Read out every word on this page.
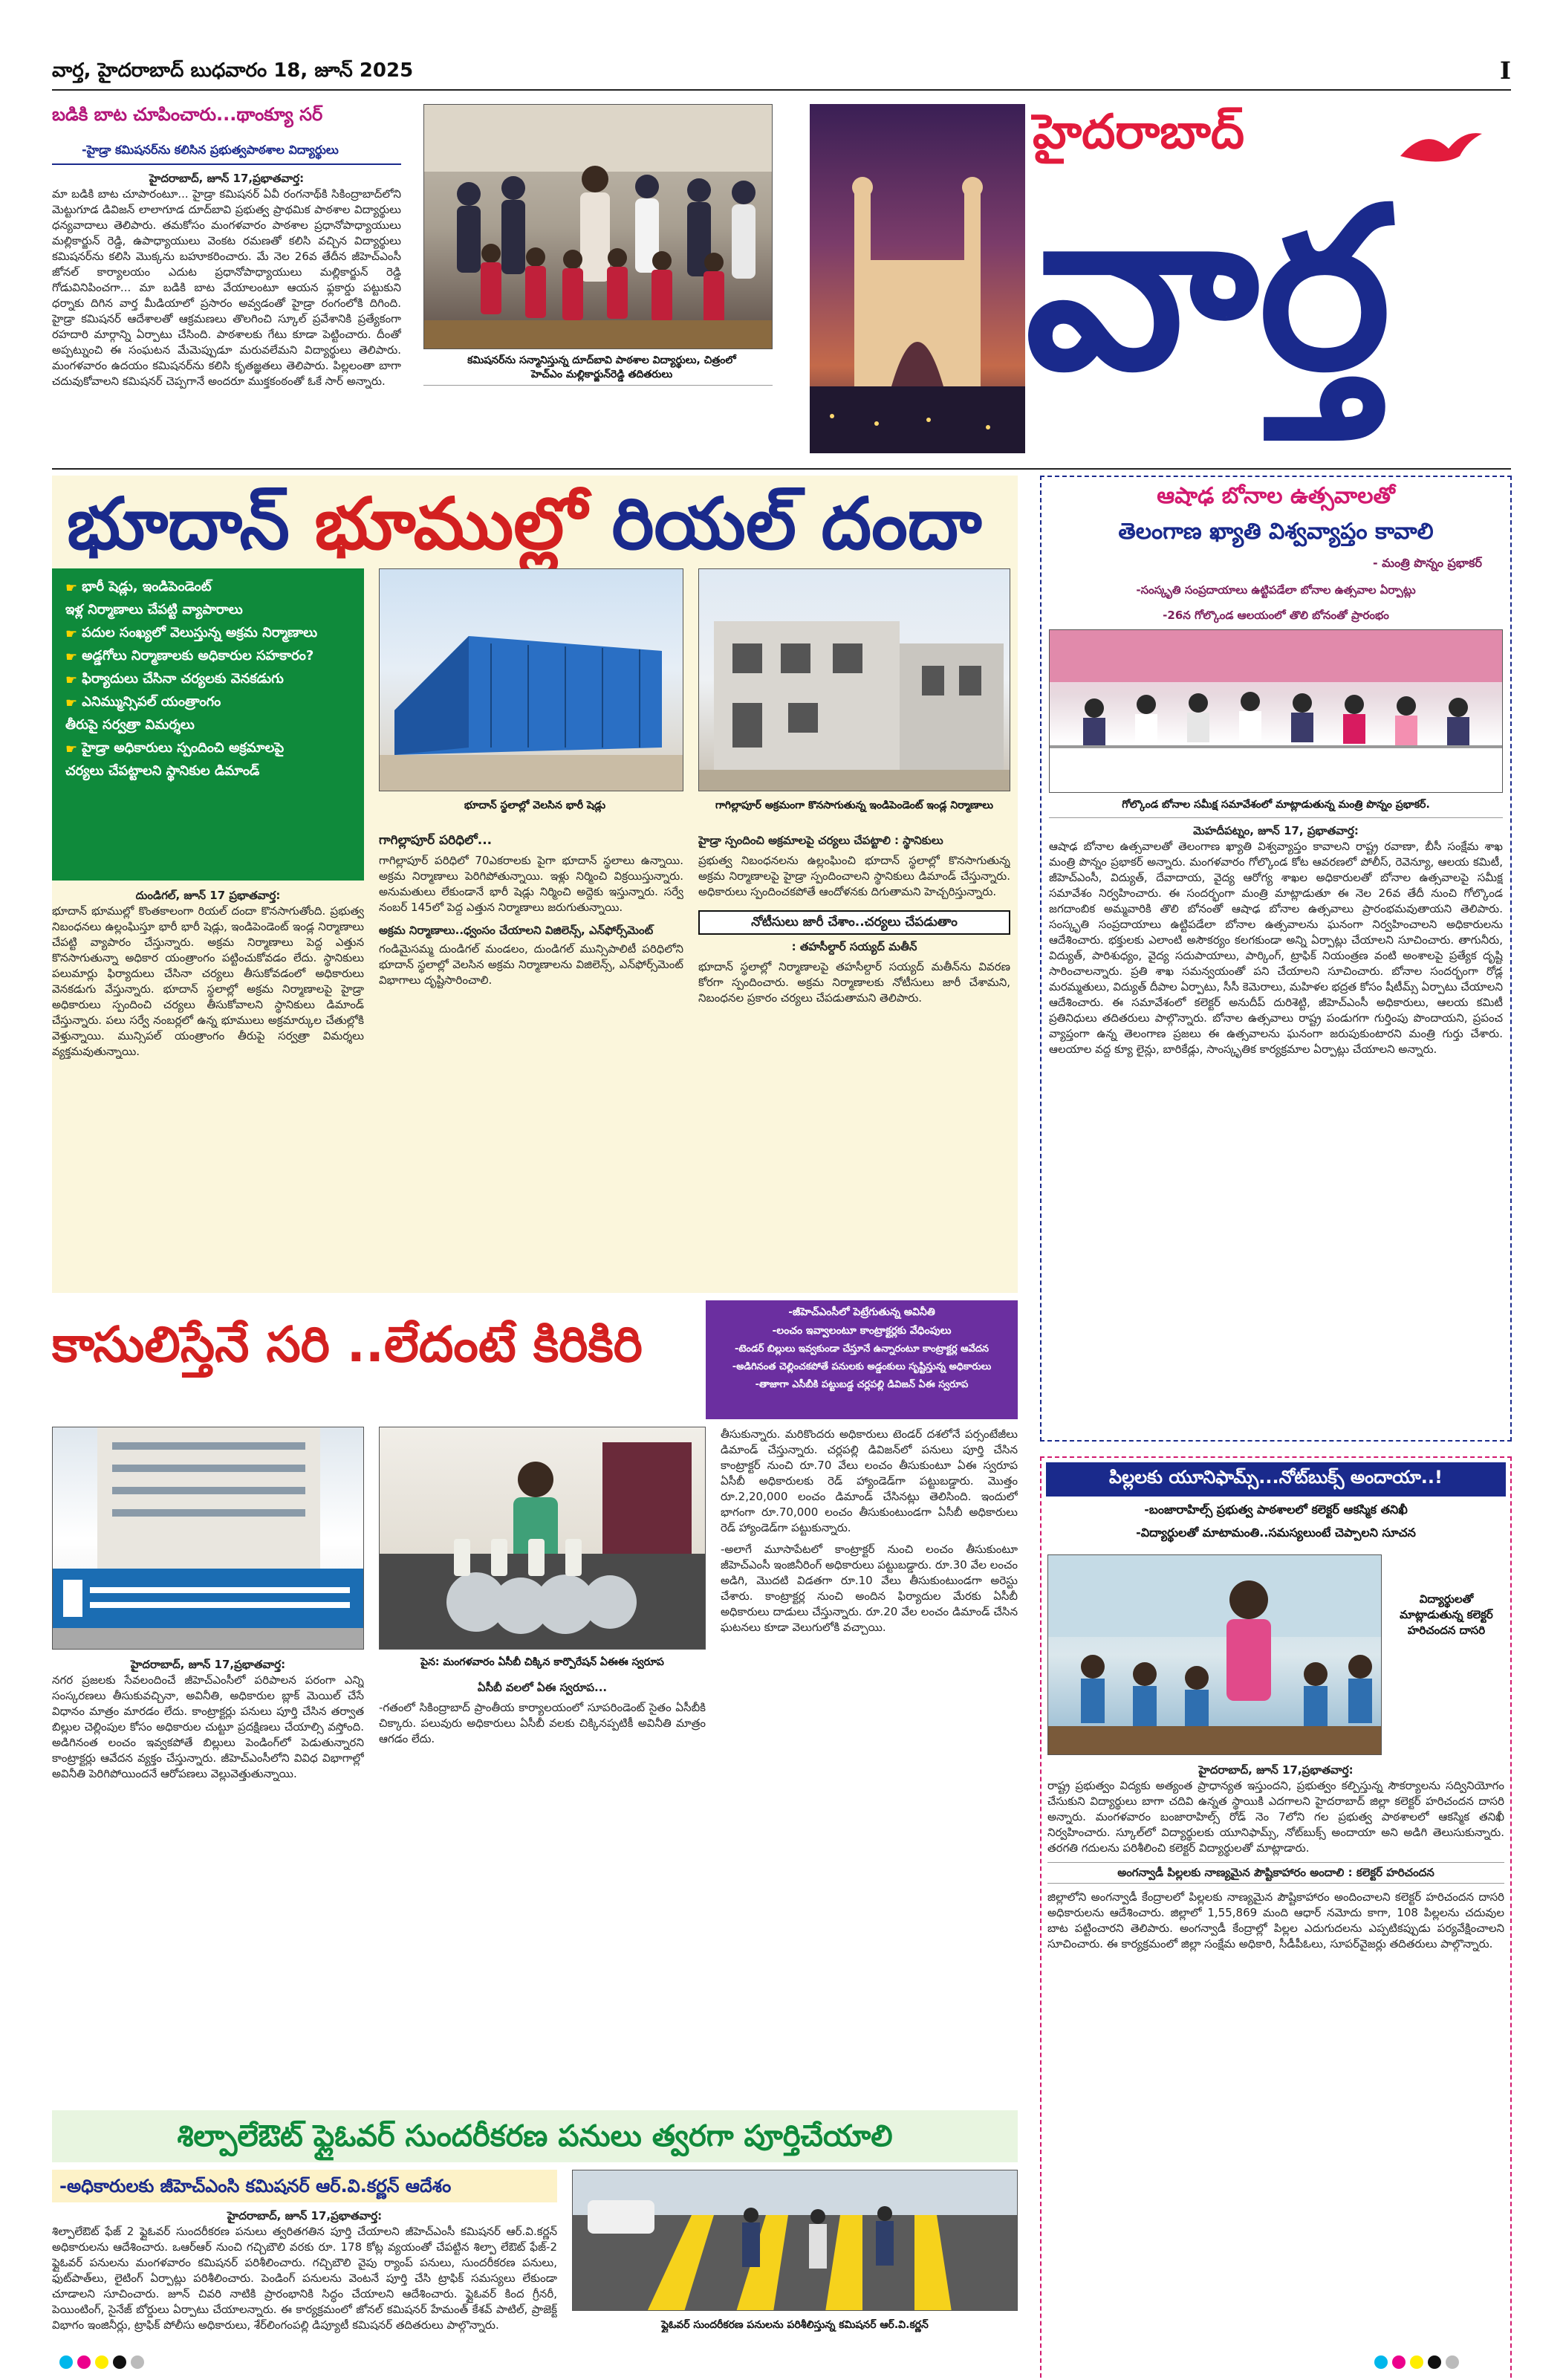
వార్త, హైదరాబాద్ బుధవారం 18, జూన్ 2025	I
బడికి బాట చూపించారు...థాంక్యూ సర్
-హైడ్రా కమిషనర్‌ను కలిసిన ప్రభుత్వపాఠశాల విద్యార్థులు
హైదరాబాద్, జూన్ 17,ప్రభాతవార్త:
మా బడికి బాట చూపారంటూ... హైడ్రా కమిషనర్ ఏవీ రంగనాథ్‌కి సికింద్రాబాద్‌లోని మెట్టుగూడ డివిజన్ లాలాగూడ దూద్‌బావి ప్రభుత్వ ప్రాథమిక పాఠశాల విద్యార్థులు ధన్యవాదాలు తెలిపారు. తమకోసం మంగళవారం పాఠశాల ప్రధానోపాధ్యాయులు మల్లికార్జున్ రెడ్డి, ఉపాధ్యాయులు వెంకట రమణతో కలిసి వచ్చిన విద్యార్థులు కమిషనర్‌ను కలిసి మొక్కను బహూకరించారు. మే నెల 26వ తేదీన జీహెచ్ఎంసీ జోనల్ కార్యాలయం ఎదుట ప్రధానోపాధ్యాయులు మల్లికార్జున్ రెడ్డి గోడువినిపించగా... మా బడికి బాట వేయాలంటూ ఆయన ఫ్లకార్డు పట్టుకుని ధర్నాకు దిగిన వార్త మీడియాలో ప్రసారం అవ్వడంతో హైడ్రా రంగంలోకి దిగింది. హైడ్రా కమిషనర్ ఆదేశాలతో ఆక్రమణలు తొలగించి స్కూల్ ప్రవేశానికి ప్రత్యేకంగా రహదారి మార్గాన్ని ఏర్పాటు చేసింది. పాఠశాలకు గేటు కూడా పెట్టించారు. దీంతో అప్పట్నుంచి ఈ సంఘటన మేమెప్పుడూ మరువలేమని విద్యార్థులు తెలిపారు. మంగళవారం ఉదయం కమిషనర్‌ను కలిసి కృతజ్ఞతలు తెలిపారు. పిల్లలంతా బాగా చదువుకోవాలని కమిషనర్ చెప్పగానే అందరూ ముక్తకంఠంతో ఓకే సార్ అన్నారు.
కమిషనర్‌ను సన్మానిస్తున్న దూద్‌బావి పాఠశాల విద్యార్థులు, చిత్రంలో హెచ్ఎం మల్లికార్జున్‌రెడ్డి తదితరులు
హైదరాబాద్
వార్త
భూదాన్ భూముల్లో రియల్ దందా
☛ భారీ షెడ్లు, ఇండిపెండెంట్
ఇళ్ల నిర్మాణాలు చేపట్టి వ్యాపారాలు
☛ పదుల సంఖ్యలో వెలుస్తున్న అక్రమ నిర్మాణాలు
☛ అడ్డగోలు నిర్మాణాలకు అధికారుల సహకారం?
☛ ఫిర్యాదులు చేసినా చర్యలకు వెనకడుగు
☛ ఎనిమ్మున్సిపల్ యంత్రాంగం
తీరుపై సర్వత్రా విమర్శలు
☛ హైడ్రా అధికారులు స్పందించి అక్రమాలపై
చర్యలు చేపట్టాలని స్థానికుల డిమాండ్
భూదాన్ స్థలాల్లో వెలసిన భారీ షెడ్లు	గాగిల్లాపూర్ అక్రమంగా కొనసాగుతున్న ఇండిపెండెంట్ ఇండ్ల నిర్మాణాలు
దుండిగల్, జూన్ 17 ప్రభాతవార్త:
భూదాన్ భూముల్లో కొంతకాలంగా రియల్ దందా కొనసాగుతోంది. ప్రభుత్వ నిబంధనలు ఉల్లంఘిస్తూ భారీ భారీ షెడ్లు, ఇండిపెండెంట్ ఇండ్ల నిర్మాణాలు చేపట్టి వ్యాపారం చేస్తున్నారు. అక్రమ నిర్మాణాలు పెద్ద ఎత్తున కొనసాగుతున్నా అధికార యంత్రాంగం పట్టించుకోవడం లేదు. స్థానికులు పలుమార్లు ఫిర్యాదులు చేసినా చర్యలు తీసుకోవడంలో అధికారులు వెనకడుగు వేస్తున్నారు. భూదాన్ స్థలాల్లో అక్రమ నిర్మాణాలపై హైడ్రా అధికారులు స్పందించి చర్యలు తీసుకోవాలని స్థానికులు డిమాండ్ చేస్తున్నారు. పలు సర్వే నంబర్లలో ఉన్న భూములు అక్రమార్కుల చేతుల్లోకి వెళ్తున్నాయి. మున్సిపల్ యంత్రాంగం తీరుపై సర్వత్రా విమర్శలు వ్యక్తమవుతున్నాయి.
గాగిల్లాపూర్ పరిధిలో...
గాగిల్లాపూర్ పరిధిలో 70ఎకరాలకు పైగా భూదాన్ స్థలాలు ఉన్నాయి. అక్రమ నిర్మాణాలు పెరిగిపోతున్నాయి. ఇళ్లు నిర్మించి విక్రయిస్తున్నారు. అనుమతులు లేకుండానే భారీ షెడ్లు నిర్మించి అద్దెకు ఇస్తున్నారు. సర్వే నంబర్ 145లో పెద్ద ఎత్తున నిర్మాణాలు జరుగుతున్నాయి.
అక్రమ నిర్మాణాలు..ధ్వంసం చేయాలని విజిలెన్స్, ఎన్‌ఫోర్స్‌మెంట్
గండిమైసమ్మ దుండిగల్ మండలం, దుండిగల్ మున్సిపాలిటీ పరిధిలోని భూదాన్ స్థలాల్లో వెలసిన అక్రమ నిర్మాణాలను విజిలెన్స్, ఎన్‌ఫోర్స్‌మెంట్ విభాగాలు దృష్టిసారించాలి.
హైడ్రా స్పందించి అక్రమాలపై చర్యలు చేపట్టాలి : స్థానికులు
ప్రభుత్వ నిబంధనలను ఉల్లంఘించి భూదాన్ స్థలాల్లో కొనసాగుతున్న అక్రమ నిర్మాణాలపై హైడ్రా స్పందించాలని స్థానికులు డిమాండ్ చేస్తున్నారు. అధికారులు స్పందించకపోతే ఆందోళనకు దిగుతామని హెచ్చరిస్తున్నారు.
నోటీసులు జారీ చేశాం..చర్యలు చేపడుతాం
: తహసీల్దార్ సయ్యద్ మతీన్
భూదాన్ స్థలాల్లో నిర్మాణాలపై తహసీల్దార్ సయ్యద్ మతీన్‌ను వివరణ కోరగా స్పందించారు. అక్రమ నిర్మాణాలకు నోటీసులు జారీ చేశామని, నిబంధనల ప్రకారం చర్యలు చేపడుతామని తెలిపారు.
ఆషాఢ బోనాల ఉత్సవాలతో
తెలంగాణ ఖ్యాతి విశ్వవ్యాప్తం కావాలి
- మంత్రి పొన్నం ప్రభాకర్
-సంస్కృతి సంప్రదాయాలు ఉట్టిపడేలా బోనాల ఉత్సవాల ఏర్పాట్లు
-26న గోల్కొండ ఆలయంలో తొలి బోనంతో ప్రారంభం
గోల్కొండ బోనాల సమీక్ష సమావేశంలో మాట్లాడుతున్న మంత్రి పొన్నం ప్రభాకర్.
మెహదీపట్నం, జూన్ 17, ప్రభాతవార్త:
ఆషాఢ బోనాల ఉత్సవాలతో తెలంగాణ ఖ్యాతి విశ్వవ్యాప్తం కావాలని రాష్ట్ర రవాణా, బీసీ సంక్షేమ శాఖ మంత్రి పొన్నం ప్రభాకర్ అన్నారు. మంగళవారం గోల్కొండ కోట ఆవరణలో పోలీస్, రెవెన్యూ, ఆలయ కమిటీ, జీహెచ్ఎంసీ, విద్యుత్, దేవాదాయ, వైద్య ఆరోగ్య శాఖల అధికారులతో బోనాల ఉత్సవాలపై సమీక్ష సమావేశం నిర్వహించారు. ఈ సందర్భంగా మంత్రి మాట్లాడుతూ ఈ నెల 26వ తేదీ నుంచి గోల్కొండ జగదాంబిక అమ్మవారికి తొలి బోనంతో ఆషాఢ బోనాల ఉత్సవాలు ప్రారంభమవుతాయని తెలిపారు. సంస్కృతి సంప్రదాయాలు ఉట్టిపడేలా బోనాల ఉత్సవాలను ఘనంగా నిర్వహించాలని అధికారులను ఆదేశించారు. భక్తులకు ఎలాంటి అసౌకర్యం కలగకుండా అన్ని ఏర్పాట్లు చేయాలని సూచించారు. తాగునీరు, విద్యుత్, పారిశుధ్యం, వైద్య సదుపాయాలు, పార్కింగ్, ట్రాఫిక్ నియంత్రణ వంటి అంశాలపై ప్రత్యేక దృష్టి సారించాలన్నారు. ప్రతి శాఖ సమన్వయంతో పని చేయాలని సూచించారు. బోనాల సందర్భంగా రోడ్ల మరమ్మతులు, విద్యుత్ దీపాల ఏర్పాటు, సీసీ కెమెరాలు, మహిళల భద్రత కోసం షీటీమ్స్ ఏర్పాటు చేయాలని ఆదేశించారు. ఈ సమావేశంలో కలెక్టర్ అనుదీప్ దురిశెట్టి, జీహెచ్ఎంసీ అధికారులు, ఆలయ కమిటీ ప్రతినిధులు తదితరులు పాల్గొన్నారు. బోనాల ఉత్సవాలు రాష్ట్ర పండుగగా గుర్తింపు పొందాయని, ప్రపంచ వ్యాప్తంగా ఉన్న తెలంగాణ ప్రజలు ఈ ఉత్సవాలను ఘనంగా జరుపుకుంటారని మంత్రి గుర్తు చేశారు. ఆలయాల వద్ద క్యూ లైన్లు, బారికేడ్లు, సాంస్కృతిక కార్యక్రమాల ఏర్పాట్లు చేయాలని అన్నారు.
కాసులిస్తేనే సరి ..లేదంటే కిరికిరి
-జీహెచ్ఎంసీలో పెట్రేగుతున్న అవినీతి
-లంచం ఇవ్వాలంటూ కాంట్రాక్టర్లకు వేధింపులు
-టెండర్ బిల్లులు ఇవ్వకుండా చేస్తూనే ఉన్నారంటూ కాంట్రాక్టర్ల ఆవేదన
-అడిగినంత చెల్లించకపోతే పనులకు అడ్డంకులు సృష్టిస్తున్న అధికారులు
-తాజాగా ఎసీబీకి పట్టుబడ్డ చర్లపల్లి డివిజన్ ఏఈ స్వరూప
పైన: మంగళవారం ఏసీబీ చిక్కిన కార్పొరేషన్ ఏఈఈ స్వరూప
హైదరాబాద్, జూన్ 17,ప్రభాతవార్త:
నగర ప్రజలకు సేవలందించే జీహెచ్ఎంసీలో పరిపాలన పరంగా ఎన్ని సంస్కరణలు తీసుకువచ్చినా, అవినీతి, అధికారుల బ్లాక్ మెయిల్ చేసే విధానం మాత్రం మారడం లేదు. కాంట్రాక్టర్లు పనులు పూర్తి చేసిన తర్వాత బిల్లుల చెల్లింపుల కోసం అధికారుల చుట్టూ ప్రదక్షిణలు చేయాల్సి వస్తోంది. అడిగినంత లంచం ఇవ్వకపోతే బిల్లులు పెండింగ్‌లో పెడుతున్నారని కాంట్రాక్టర్లు ఆవేదన వ్యక్తం చేస్తున్నారు. జీహెచ్ఎంసీలోని వివిధ విభాగాల్లో అవినీతి పెరిగిపోయిందనే ఆరోపణలు వెల్లువెత్తుతున్నాయి.
ఏసీబీ వలలో ఏఈ స్వరూప...
-గతంలో సికింద్రాబాద్ ప్రాంతీయ కార్యాలయంలో సూపరిండెంట్ సైతం ఏసీబీకి చిక్కారు. పలువురు అధికారులు ఏసీబీ వలకు చిక్కినప్పటికీ అవినీతి మాత్రం ఆగడం లేదు.
తీసుకున్నారు. మరికొందరు అధికారులు టెండర్ దశలోనే పర్సంటేజీలు డిమాండ్ చేస్తున్నారు. చర్లపల్లి డివిజన్‌లో పనులు పూర్తి చేసిన కాంట్రాక్టర్ నుంచి రూ.70 వేలు లంచం తీసుకుంటూ ఏఈ స్వరూప ఏసీబీ అధికారులకు రెడ్ హ్యాండెడ్‌గా పట్టుబడ్డారు. మొత్తం రూ.2,20,000 లంచం డిమాండ్ చేసినట్లు తెలిసింది. ఇందులో భాగంగా రూ.70,000 లంచం తీసుకుంటుండగా ఏసీబీ అధికారులు రెడ్ హ్యాండెడ్‌గా పట్టుకున్నారు.
-అలాగే మూసాపేటలో కాంట్రాక్టర్ నుంచి లంచం తీసుకుంటూ జీహెచ్ఎంసీ ఇంజినీరింగ్ అధికారులు పట్టుబడ్డారు. రూ.30 వేల లంచం అడిగి, మొదటి విడతగా రూ.10 వేలు తీసుకుంటుండగా అరెస్టు చేశారు. కాంట్రాక్టర్ల నుంచి అందిన ఫిర్యాదుల మేరకు ఏసీబీ అధికారులు దాడులు చేస్తున్నారు. రూ.20 వేల లంచం డిమాండ్ చేసిన ఘటనలు కూడా వెలుగులోకి వచ్చాయి.
పిల్లలకు యూనిఫామ్స్...నోట్‌బుక్స్ అందాయా..!
-బంజారాహిల్స్ ప్రభుత్వ పాఠశాలలో కలెక్టర్ ఆకస్మిక తనిఖీ
-విద్యార్థులతో మాటామంతి..సమస్యలుంటే చెప్పాలని సూచన
విద్యార్థులతో మాట్లాడుతున్న కలెక్టర్ హరిచందన దాసరి
హైదరాబాద్, జూన్ 17,ప్రభాతవార్త:
రాష్ట్ర ప్రభుత్వం విద్యకు అత్యంత ప్రాధాన్యత ఇస్తుందని, ప్రభుత్వం కల్పిస్తున్న సౌకర్యాలను సద్వినియోగం చేసుకుని విద్యార్థులు బాగా చదివి ఉన్నత స్థాయికి ఎదగాలని హైదరాబాద్ జిల్లా కలెక్టర్ హరిచందన దాసరి అన్నారు. మంగళవారం బంజారాహిల్స్ రోడ్ నెం 7లోని గల ప్రభుత్వ పాఠశాలలో ఆకస్మిక తనిఖీ నిర్వహించారు. స్కూల్‌లో విద్యార్థులకు యూనిఫామ్స్, నోట్‌బుక్స్ అందాయా అని అడిగి తెలుసుకున్నారు. తరగతి గదులను పరిశీలించి కలెక్టర్ విద్యార్థులతో మాట్లాడారు.
అంగన్వాడీ పిల్లలకు నాణ్యమైన పౌష్టికాహారం అందాలి : కలెక్టర్ హరిచందన
జిల్లాలోని అంగన్వాడీ కేంద్రాలలో పిల్లలకు నాణ్యమైన పౌష్టికాహారం అందించాలని కలెక్టర్ హరిచందన దాసరి అధికారులను ఆదేశించారు. జిల్లాలో 1,55,869 మంది ఆధార్ నమోదు కాగా, 108 పిల్లలను చదువుల బాట పట్టించారని తెలిపారు. అంగన్వాడీ కేంద్రాల్లో పిల్లల ఎదుగుదలను ఎప్పటికప్పుడు పర్యవేక్షించాలని సూచించారు. ఈ కార్యక్రమంలో జిల్లా సంక్షేమ అధికారి, సీడీపీఓలు, సూపర్‌వైజర్లు తదితరులు పాల్గొన్నారు.
శిల్పాలేఔట్ ఫ్లైఓవర్ సుందరీకరణ పనులు త్వరగా పూర్తిచేయాలి
-అధికారులకు జీహెచ్ఎంసి కమిషనర్ ఆర్.వి.కర్ణన్ ఆదేశం
హైదరాబాద్, జూన్ 17,ప్రభాతవార్త:
శిల్పాలేఔట్ ఫేజ్ 2 ఫ్లైఓవర్ సుందరీకరణ పనులు త్వరితగతిన పూర్తి చేయాలని జీహెచ్ఎంసీ కమిషనర్ ఆర్.వి.కర్ణన్ అధికారులను ఆదేశించారు. ఒఆర్ఆర్ నుంచి గచ్చిబౌలి వరకు రూ. 178 కోట్ల వ్యయంతో చేపట్టిన శిల్పా లేఔట్ ఫేజ్-2 ఫ్లైఓవర్ పనులను మంగళవారం కమిషనర్ పరిశీలించారు. గచ్చిబౌలి వైపు ర్యాంప్ పనులు, సుందరీకరణ పనులు, ఫుట్‌పాత్‌లు, లైటింగ్ ఏర్పాట్లు పరిశీలించారు. పెండింగ్ పనులను వెంటనే పూర్తి చేసి ట్రాఫిక్ సమస్యలు లేకుండా చూడాలని సూచించారు. జూన్ చివరి నాటికి ప్రారంభానికి సిద్ధం చేయాలని ఆదేశించారు. ఫ్లైఓవర్ కింద గ్రీనరీ, పెయింటింగ్, సైనేజ్ బోర్డులు ఏర్పాటు చేయాలన్నారు. ఈ కార్యక్రమంలో జోనల్ కమిషనర్ హేమంత్ కేశవ్ పాటిల్, ప్రాజెక్ట్ విభాగం ఇంజినీర్లు, ట్రాఫిక్ పోలీసు అధికారులు, శేర్‌లింగంపల్లి డిప్యూటీ కమిషనర్ తదితరులు పాల్గొన్నారు.	ఫ్లైఓవర్ సుందరీకరణ పనులను పరిశీలిస్తున్న కమిషనర్ ఆర్.వి.కర్ణన్
